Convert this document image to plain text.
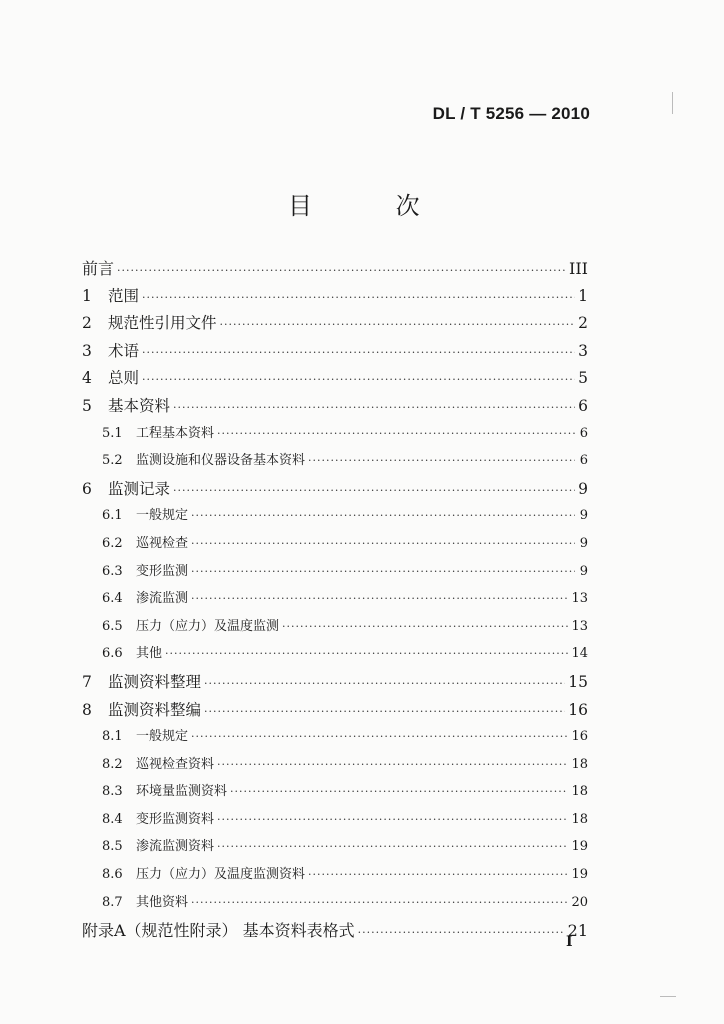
DL / T 5256 — 2010
目 次
前言 ·····	III
1	范围 ·····	1
2	规范性引用文件 ·····	2
3	术语 ·····	3
4	总则 ·····	5
5	基本资料 ·····	6
5.1	工程基本资料 ·····	6
5.2	监测设施和仪器设备基本资料 ·····	6
6	监测记录 ·····	9
6.1	一般规定 ·····	9
6.2	巡视检查 ·····	9
6.3	变形监测 ·····	9
6.4	渗流监测 ·····	13
6.5	压力（应力）及温度监测 ·····	13
6.6	其他 ·····	14
7	监测资料整理 ·····	15
8	监测资料整编 ·····	16
8.1	一般规定 ·····	16
8.2	巡视检查资料 ·····	18
8.3	环境量监测资料 ·····	18
8.4	变形监测资料 ·····	18
8.5	渗流监测资料 ·····	19
8.6	压力（应力）及温度监测资料 ·····	19
8.7	其他资料 ·····	20
附录A（规范性附录） 基本资料表格式 ·····	21
I
